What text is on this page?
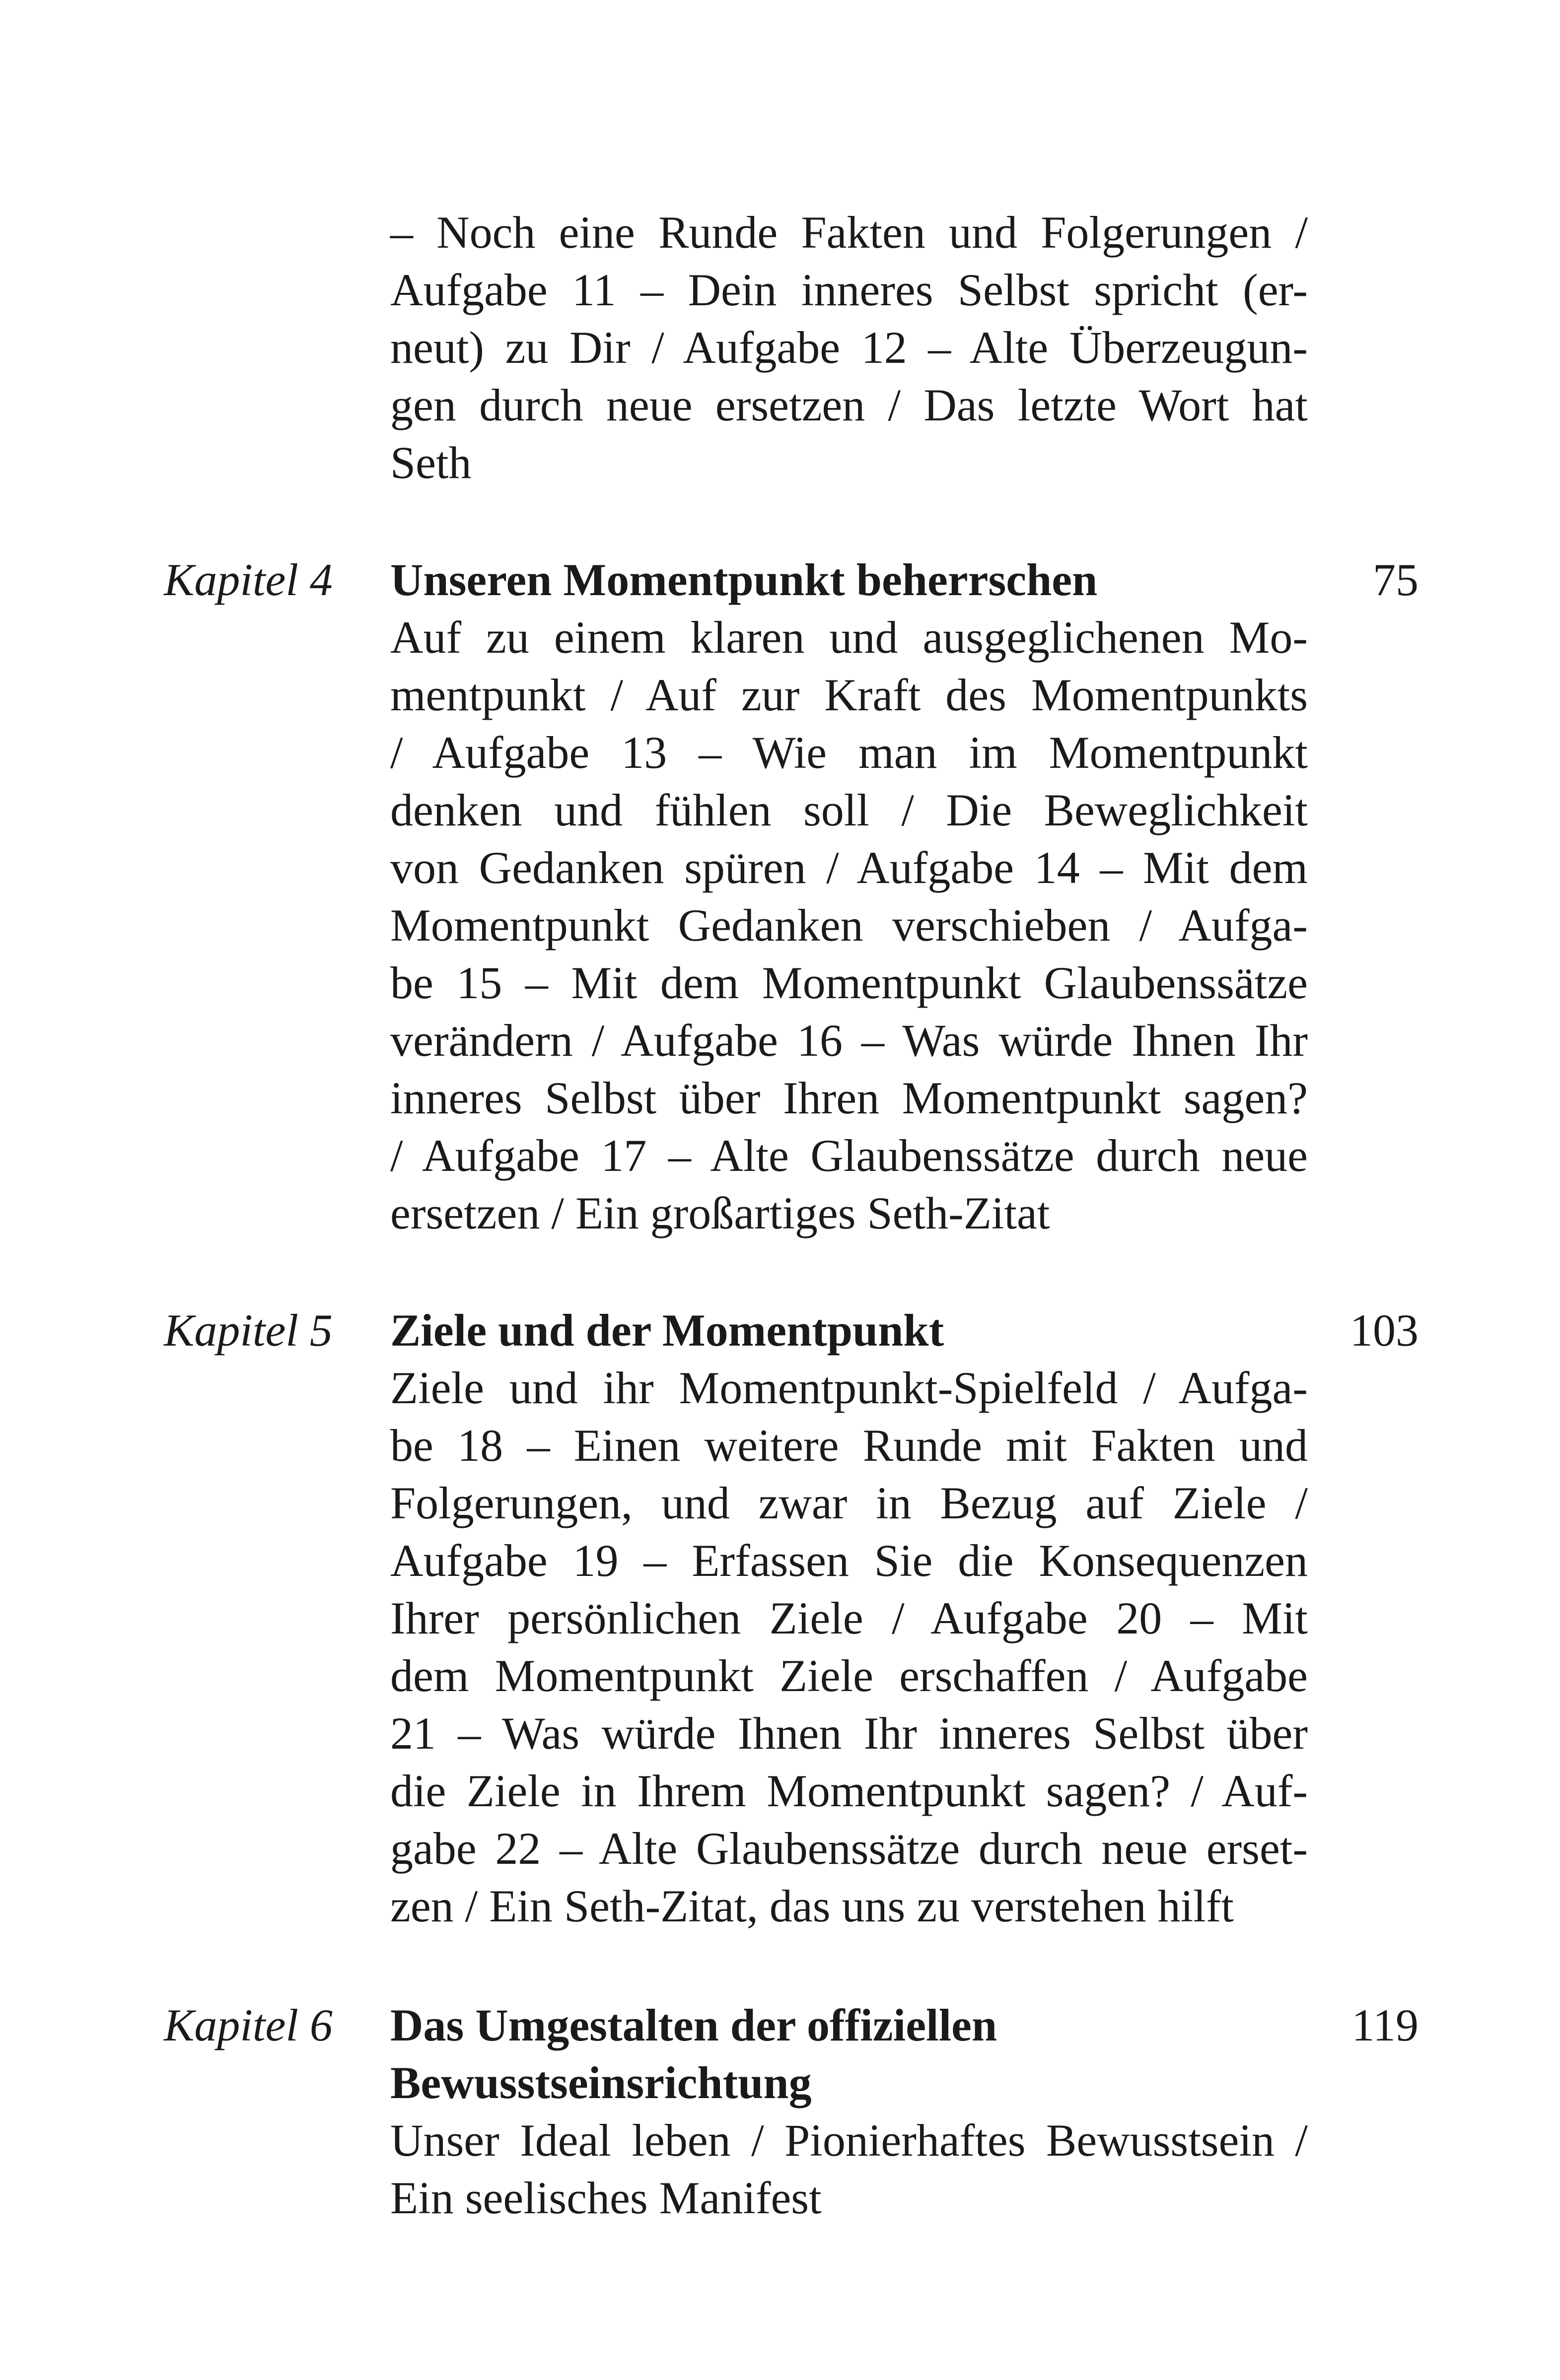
– Noch eine Runde Fakten und Folgerungen /
Aufgabe 11 – Dein inneres Selbst spricht (er-
neut) zu Dir / Aufgabe 12 – Alte Überzeugun-
gen durch neue ersetzen / Das letzte Wort hat
Seth
Kapitel 4 Unseren Momentpunkt beherrschen	75
Auf zu einem klaren und ausgeglichenen Mo-
mentpunkt / Auf zur Kraft des Momentpunkts
/ Aufgabe 13 – Wie man im Momentpunkt
denken und fühlen soll / Die Beweglichkeit
von Gedanken spüren / Aufgabe 14 – Mit dem
Momentpunkt Gedanken verschieben / Aufga-
be 15 – Mit dem Momentpunkt Glaubenssätze
verändern / Aufgabe 16 – Was würde Ihnen Ihr
inneres Selbst über Ihren Momentpunkt sagen?
/ Aufgabe 17 – Alte Glaubenssätze durch neue
ersetzen / Ein großartiges Seth-Zitat
Kapitel 5 Ziele und der Momentpunkt	103
Ziele und ihr Momentpunkt-Spielfeld / Aufga-
be 18 – Einen weitere Runde mit Fakten und
Folgerungen, und zwar in Bezug auf Ziele /
Aufgabe 19 – Erfassen Sie die Konsequenzen
Ihrer persönlichen Ziele / Aufgabe 20 – Mit
dem Momentpunkt Ziele erschaffen / Aufgabe
21 – Was würde Ihnen Ihr inneres Selbst über
die Ziele in Ihrem Momentpunkt sagen? / Auf-
gabe 22 – Alte Glaubenssätze durch neue erset-
zen / Ein Seth-Zitat, das uns zu verstehen hilft
Kapitel 6 Das Umgestalten der offiziellen	119
Bewusstseinsrichtung
Unser Ideal leben / Pionierhaftes Bewusstsein /
Ein seelisches Manifest
